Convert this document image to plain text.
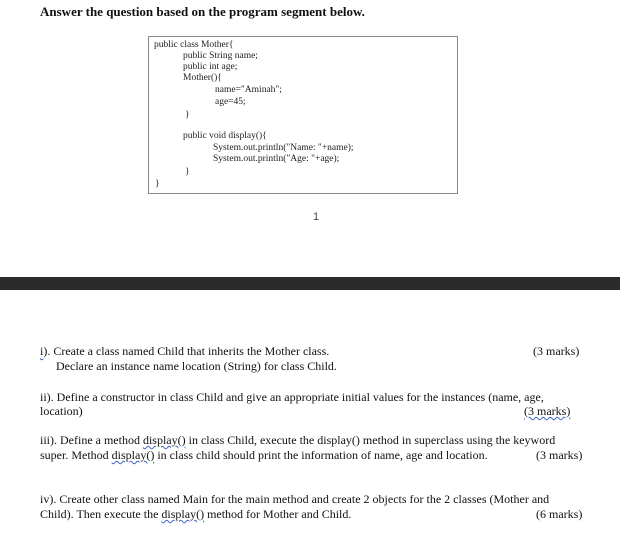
Answer the question based on the program segment below.
public class Mother{
public String name;
public int age;
Mother(){
name="Aminah";
age=45;
}
public void display(){
System.out.println("Name: "+name);
System.out.println("Age: "+age);
}
}
1
i). Create a class named Child that inherits the Mother class.
Declare an instance name location (String) for class Child.
(3 marks)
ii). Define a constructor in class Child and give an appropriate initial values for the instances (name, age,
location)	(3 marks)
iii). Define a method display() in class Child, execute the display() method in superclass using the keyword
super. Method display() in class child should print the information of name, age and location.	(3 marks)
iv). Create other class named Main for the main method and create 2 objects for the 2 classes (Mother and
Child). Then execute the display() method for Mother and Child.	(6 marks)
